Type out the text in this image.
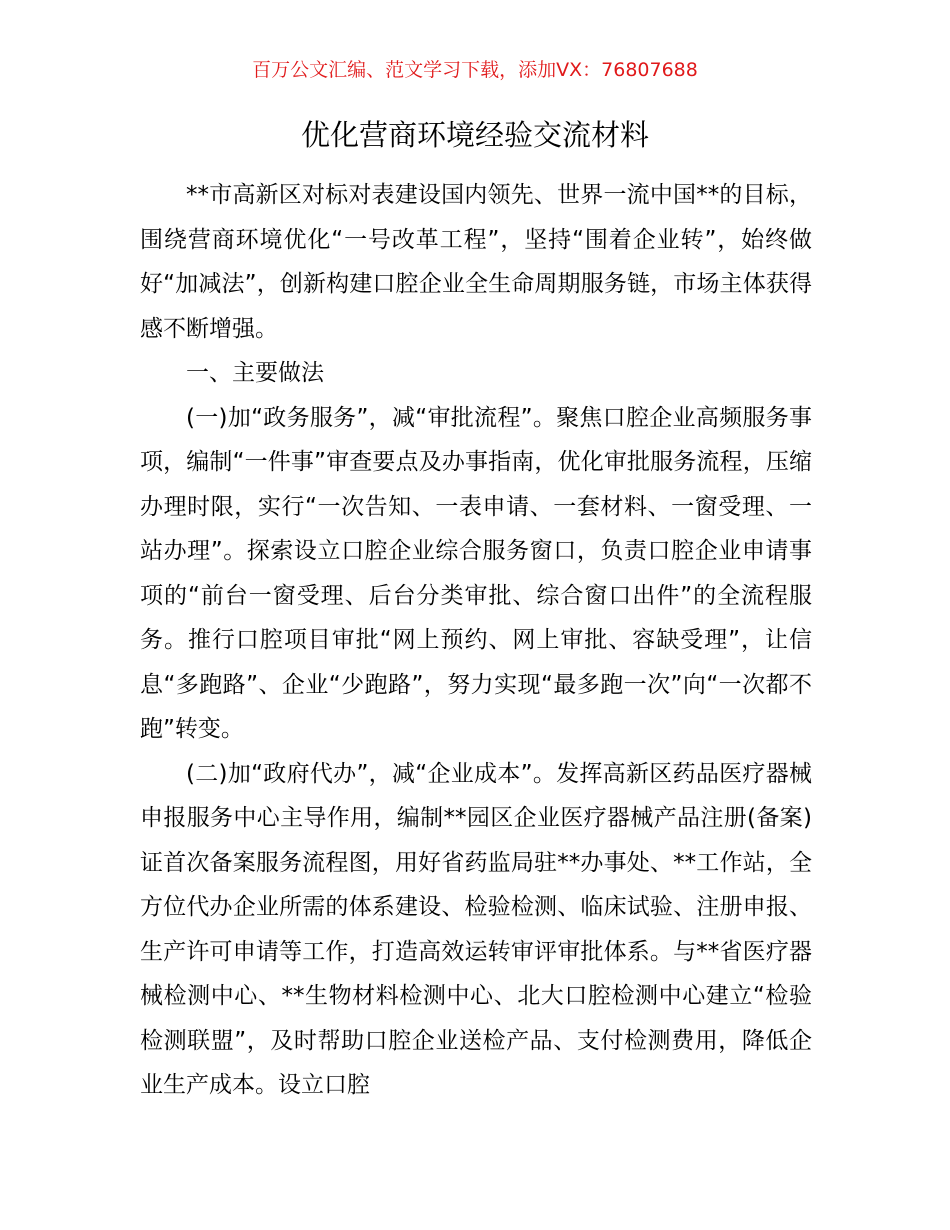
百万公文汇编、范文学习下载，添加VX：76807688
优化营商环境经验交流材料

**市高新区对标对表建设国内领先、世界一流中国**的目标，围绕营商环境优化“一号改革工程”，坚持“围着企业转”，始终做好“加减法”，创新构建口腔企业全生命周期服务链，市场主体获得感不断增强。

一、主要做法

(一)加“政务服务”，减“审批流程”。聚焦口腔企业高频服务事项，编制“一件事”审查要点及办事指南，优化审批服务流程，压缩办理时限，实行“一次告知、一表申请、一套材料、一窗受理、一站办理”。探索设立口腔企业综合服务窗口，负责口腔企业申请事项的“前台一窗受理、后台分类审批、综合窗口出件”的全流程服务。推行口腔项目审批“网上预约、网上审批、容缺受理”，让信息“多跑路”、企业“少跑路”，努力实现“最多跑一次”向“一次都不跑”转变。

(二)加“政府代办”，减“企业成本”。发挥高新区药品医疗器械申报服务中心主导作用，编制**园区企业医疗器械产品注册(备案)证首次备案服务流程图，用好省药监局驻**办事处、**工作站，全方位代办企业所需的体系建设、检验检测、临床试验、注册申报、生产许可申请等工作，打造高效运转审评审批体系。与**省医疗器械检测中心、**生物材料检测中心、北大口腔检测中心建立“检验检测联盟”，及时帮助口腔企业送检产品、支付检测费用，降低企业生产成本。设立口腔
